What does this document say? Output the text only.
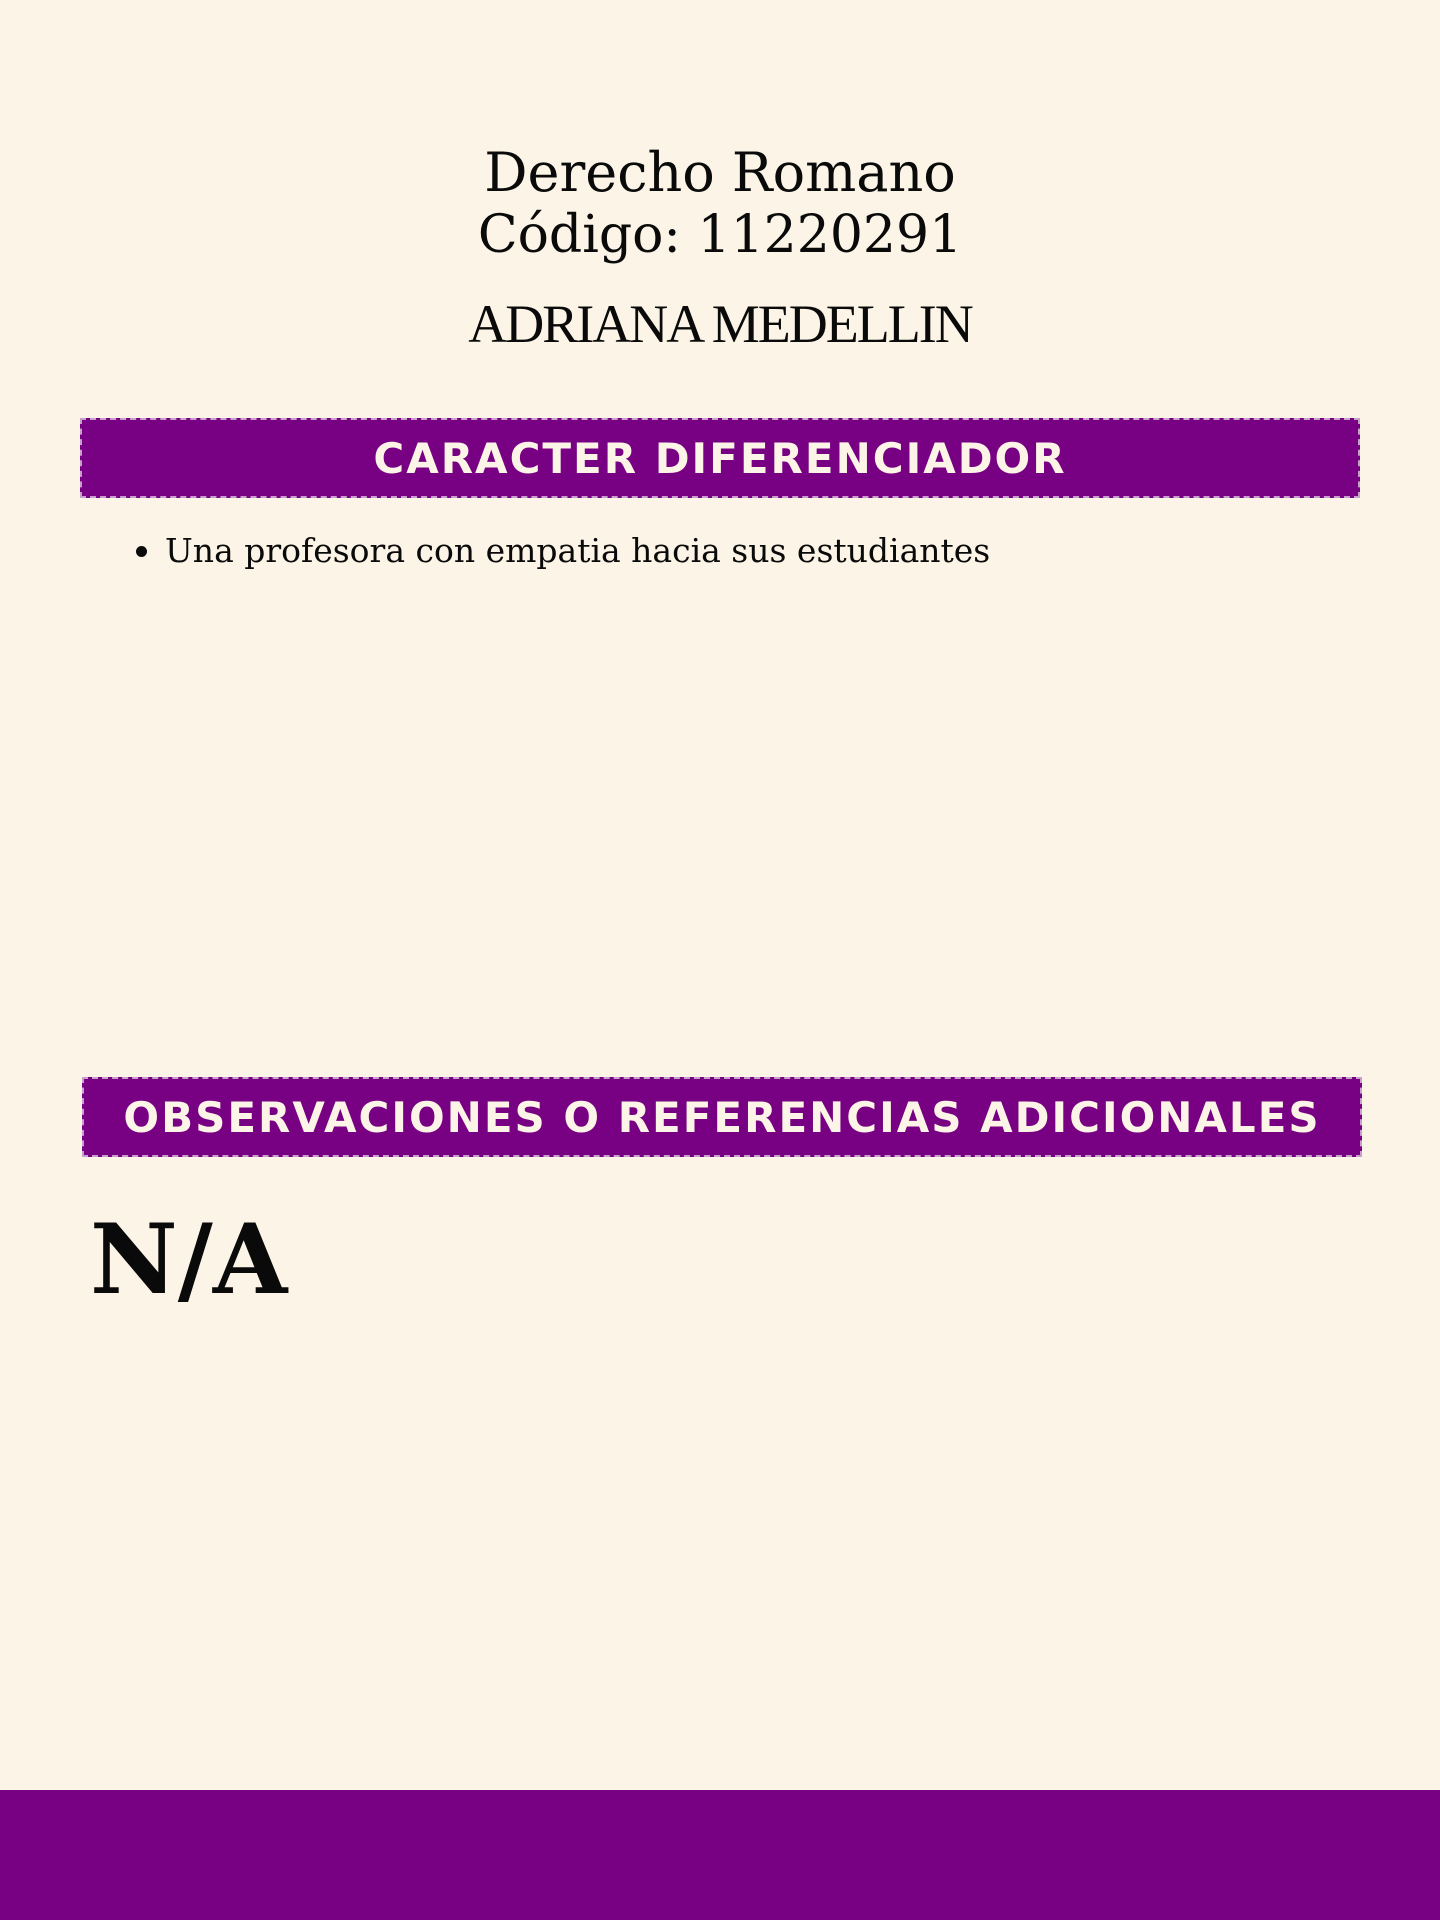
Derecho Romano
Código: 11220291
ADRIANA MEDELLIN
CARACTER DIFERENCIADOR
Una profesora con empatia hacia sus estudiantes
OBSERVACIONES O REFERENCIAS ADICIONALES

N/A
